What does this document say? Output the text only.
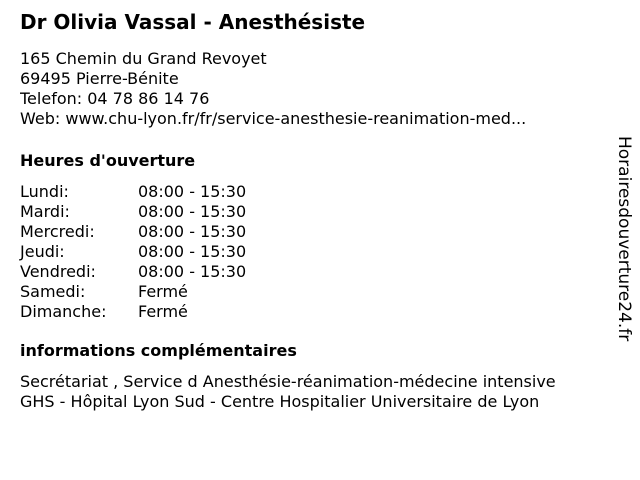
Dr Olivia Vassal - Anesthésiste
165 Chemin du Grand Revoyet
69495 Pierre-Bénite
Telefon: 04 78 86 14 76
Web: www.chu-lyon.fr/fr/service-anesthesie-reanimation-med...
Heures d'ouverture
Lundi:	08:00 - 15:30
Mardi:	08:00 - 15:30
Mercredi:	08:00 - 15:30
Jeudi:	08:00 - 15:30
Vendredi:	08:00 - 15:30
Samedi:	Fermé
Dimanche:	Fermé
informations complémentaires
Secrétariat , Service d Anesthésie-réanimation-médecine intensive
GHS - Hôpital Lyon Sud - Centre Hospitalier Universitaire de Lyon
Horairesdouverture24.fr
